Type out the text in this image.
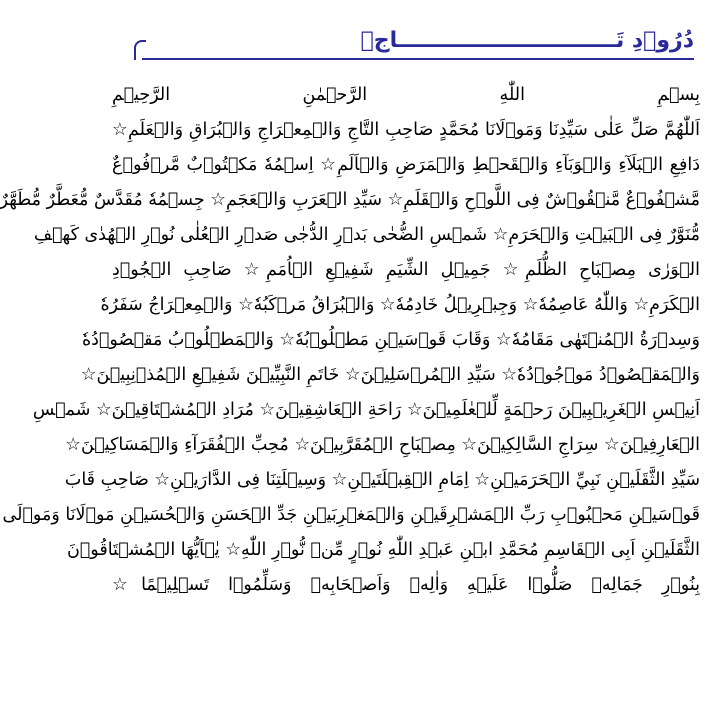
دُرُوۡدِ تَـــــــــــــــــــــــــــــاجۡ
بِسۡمِ اللّٰهِ الرَّحۡمٰنِ الرَّحِیۡمِ
اَللّٰهُمَّ صَلِّ عَلٰى سَيِّدِنَا وَمَوۡلَانَا مُحَمَّدٍ صَاحِبِ التَّاجِ وَالۡمِعۡرَاجِ وَالۡبُرَاقِ وَالۡعَلَمِ☆
دَافِعِ الۡبَلَآءِ وَالۡوَبَآءِ وَالۡقَحۡطِ وَالۡمَرَضِ وَالۡاَلَمِ☆ اِسۡمُهٗ مَكۡتُوۡبٌ مَّرۡفُوۡعٌ
مَّشۡفُوۡعٌ مَّنۡقُوۡشٌ فِى اللَّوۡحِ وَالۡقَلَمِ☆ سَيِّدِ الۡعَرَبِ وَالۡعَجَمِ☆ جِسۡمُهٗ مُقَدَّسٌ مُّعَطَّرٌ مُّطَهَّرٌ
مُّنَوَّرٌ فِى الۡبَيۡتِ وَالۡحَرَمِ☆ شَمۡسِ الضُّحٰى بَدۡرِ الدُّجٰى صَدۡرِ الۡعُلٰى نُوۡرِ الۡهُدٰى كَهۡفِ
الۡوَرٰى مِصۡبَاحِ الظُّلَمِ☆ جَمِيۡلِ الشِّيَمِ شَفِيۡعِ الۡاُمَمِ☆ صَاحِبِ الۡجُوۡدِ
الۡكَرَمِ☆ وَاللّٰهُ عَاصِمُهٗ☆ وَجِبۡرِيۡلُ خَادِمُهٗ☆ وَالۡبُرَاقُ مَرۡكَبُهٗ☆ وَالۡمِعۡرَاجُ سَفَرُهٗ
وَسِدۡرَةُ الۡمُنۡتَهٰى مَقَامُهٗ☆ وَقَابَ قَوۡسَيۡنِ مَطۡلُوۡبُهٗ☆ وَالۡمَطۡلُوۡبُ مَقۡصُوۡدُهٗ
وَالۡمَقۡصُوۡدُ مَوۡجُوۡدُهٗ☆ سَيِّدِ الۡمُرۡسَلِيۡنَ☆ خَاتَمِ النَّبِيِّيۡنَ شَفِيۡعِ الۡمُذۡنِبِيۡنَ☆
اَنِيۡسِ الۡغَرِيۡبِيۡنَ رَحۡمَةٍ لِّلۡعٰلَمِيۡنَ☆ رَاحَةِ الۡعَاشِقِيۡنَ☆ مُرَادِ الۡمُشۡتَاقِيۡنَ☆ شَمۡسِ
الۡعَارِفِيۡنَ☆ سِرَاجِ السَّالِكِيۡنَ☆ مِصۡبَاحِ الۡمُقَرَّبِيۡنَ☆ مُحِبِّ الۡفُقَرَآءِ وَالۡمَسَاكِيۡنَ☆
سَيِّدِ الثَّقَلَيۡنِ نَبِيِّ الۡحَرَمَيۡنِ☆ اِمَامِ الۡقِبۡلَتَيۡنِ☆ وَسِيۡلَتِنَا فِى الدَّارَيۡنِ☆ صَاحِبِ قَابَ
قَوۡسَيۡنِ مَحۡبُوۡبِ رَبِّ الۡمَشۡرِقَيۡنِ وَالۡمَغۡرِبَيۡنِ جَدِّ الۡحَسَنِ وَالۡحُسَيۡنِ مَوۡلَانَا وَمَوۡلَى
الثَّقَلَيۡنِ اَبِى الۡقَاسِمِ مُحَمَّدِ ابۡنِ عَبۡدِ اللّٰهِ نُوۡرٍ مِّنۡ نُّوۡرِ اللّٰهِ☆ يٰۤاَيُّهَا الۡمُشۡتَاقُوۡنَ
بِنُوۡرِ جَمَالِهٖ صَلُّوۡا عَلَيۡهِ وَاٰلِهٖ وَاَصۡحَابِهٖ وَسَلِّمُوۡا تَسۡلِيۡمًا☆
